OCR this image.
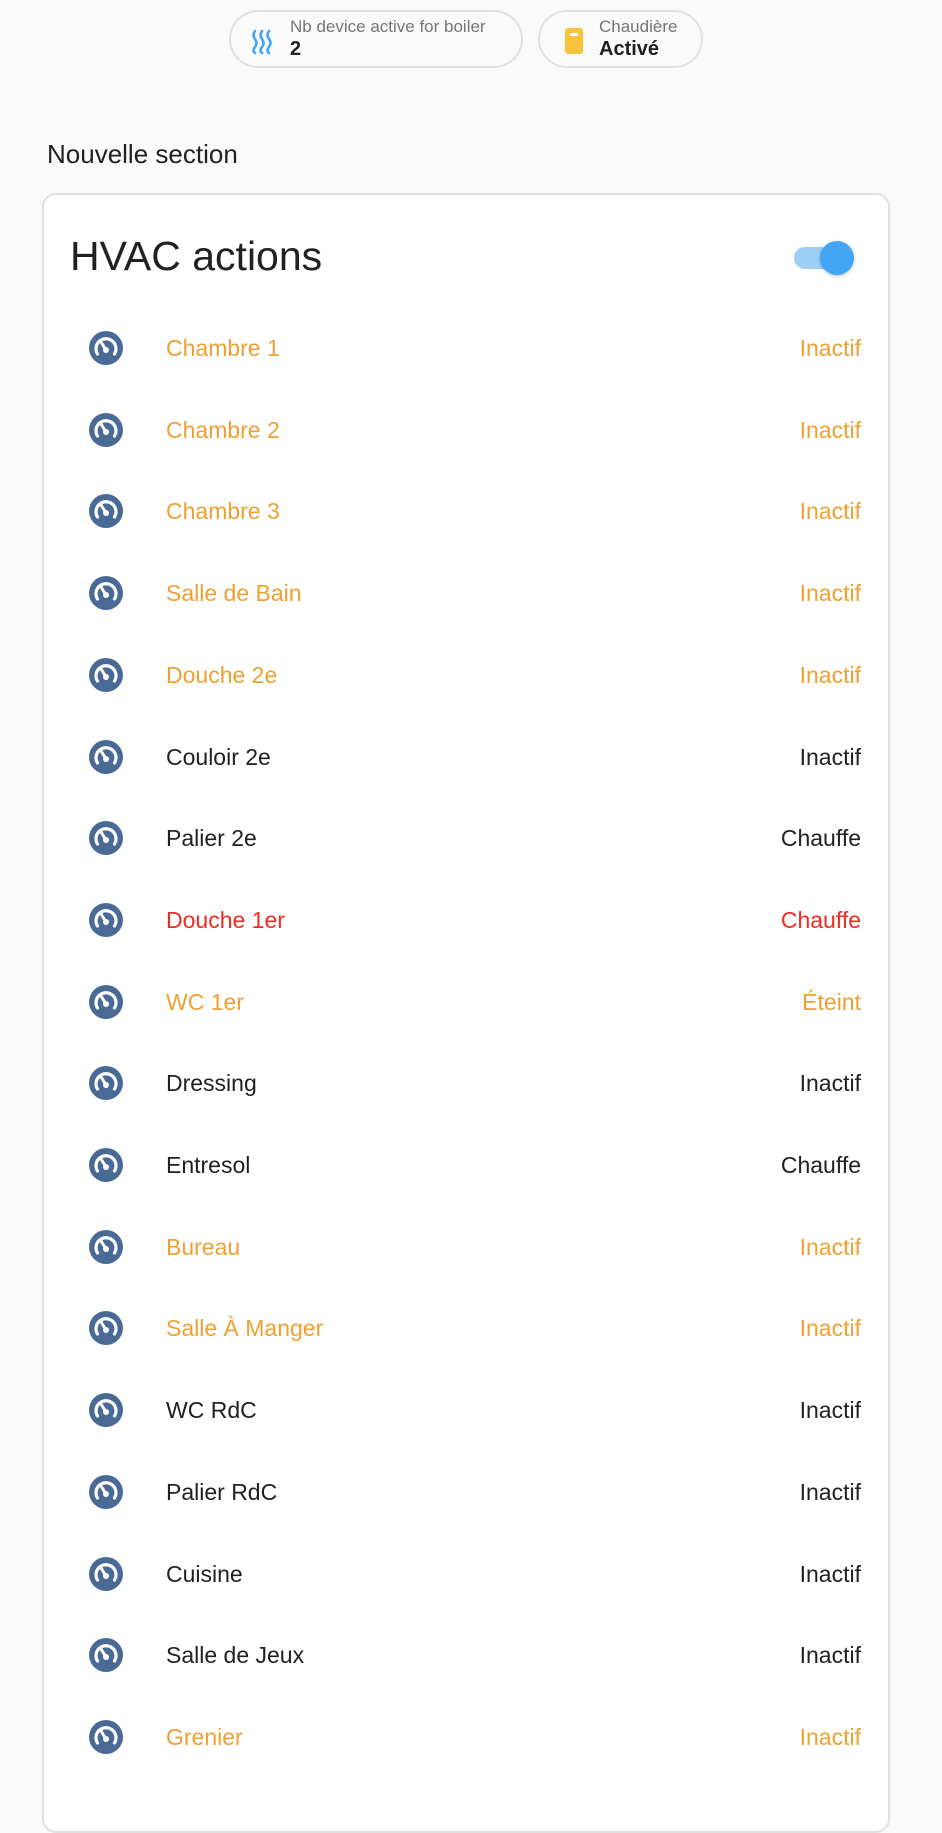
Nb device active for boiler
2
Chaudière
Activé
Nouvelle section
HVAC actions
Chambre 1	Inactif
Chambre 2	Inactif
Chambre 3	Inactif
Salle de Bain	Inactif
Douche 2e	Inactif
Couloir 2e	Inactif
Palier 2e	Chauffe
Douche 1er	Chauffe
WC 1er	Éteint
Dressing	Inactif
Entresol	Chauffe
Bureau	Inactif
Salle À Manger	Inactif
WC RdC	Inactif
Palier RdC	Inactif
Cuisine	Inactif
Salle de Jeux	Inactif
Grenier	Inactif
